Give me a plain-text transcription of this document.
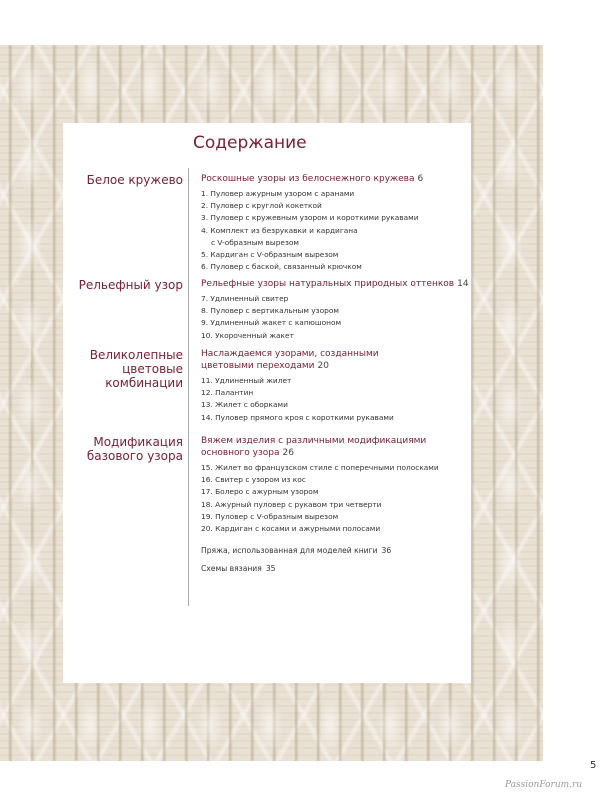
Содержание
Белое кружево Роскошные узоры из белоснежного кружева 6
1. Пуловер ажурным узором с аранами
2. Пуловер с круглой кокеткой
3. Пуловер с кружевным узором и короткими рукавами
4. Комплект из безрукавки и кардигана
с V-образным вырезом
5. Кардиган с V-образным вырезом
6. Пуловер с баской, связанный крючком
Рельефный узор Рельефные узоры натуральных природных оттенков 14
7. Удлиненный свитер
8. Пуловер с вертикальным узором
9. Удлиненный жакет с капюшоном
10. Укороченный жакет
Великолепные
цветовые
комбинации
Наслаждаемся узорами, созданными
цветовыми переходами 20
11. Удлиненный жилет
12. Палантин
13. Жилет с оборками
14. Пуловер прямого кроя с короткими рукавами
Модификация
базового узора
Вяжем изделия с различными модификациями
основного узора 26
15. Жилет во французском стиле с поперечными полосками
16. Свитер с узором из кос
17. Болеро с ажурным узором
18. Ажурный пуловер с рукавом три четверти
19. Пуловер с V-образным вырезом
20. Кардиган с косами и ажурными полосами
Пряжа, использованная для моделей книги 36
Схемы вязания 35
5
PassionForum.ru
